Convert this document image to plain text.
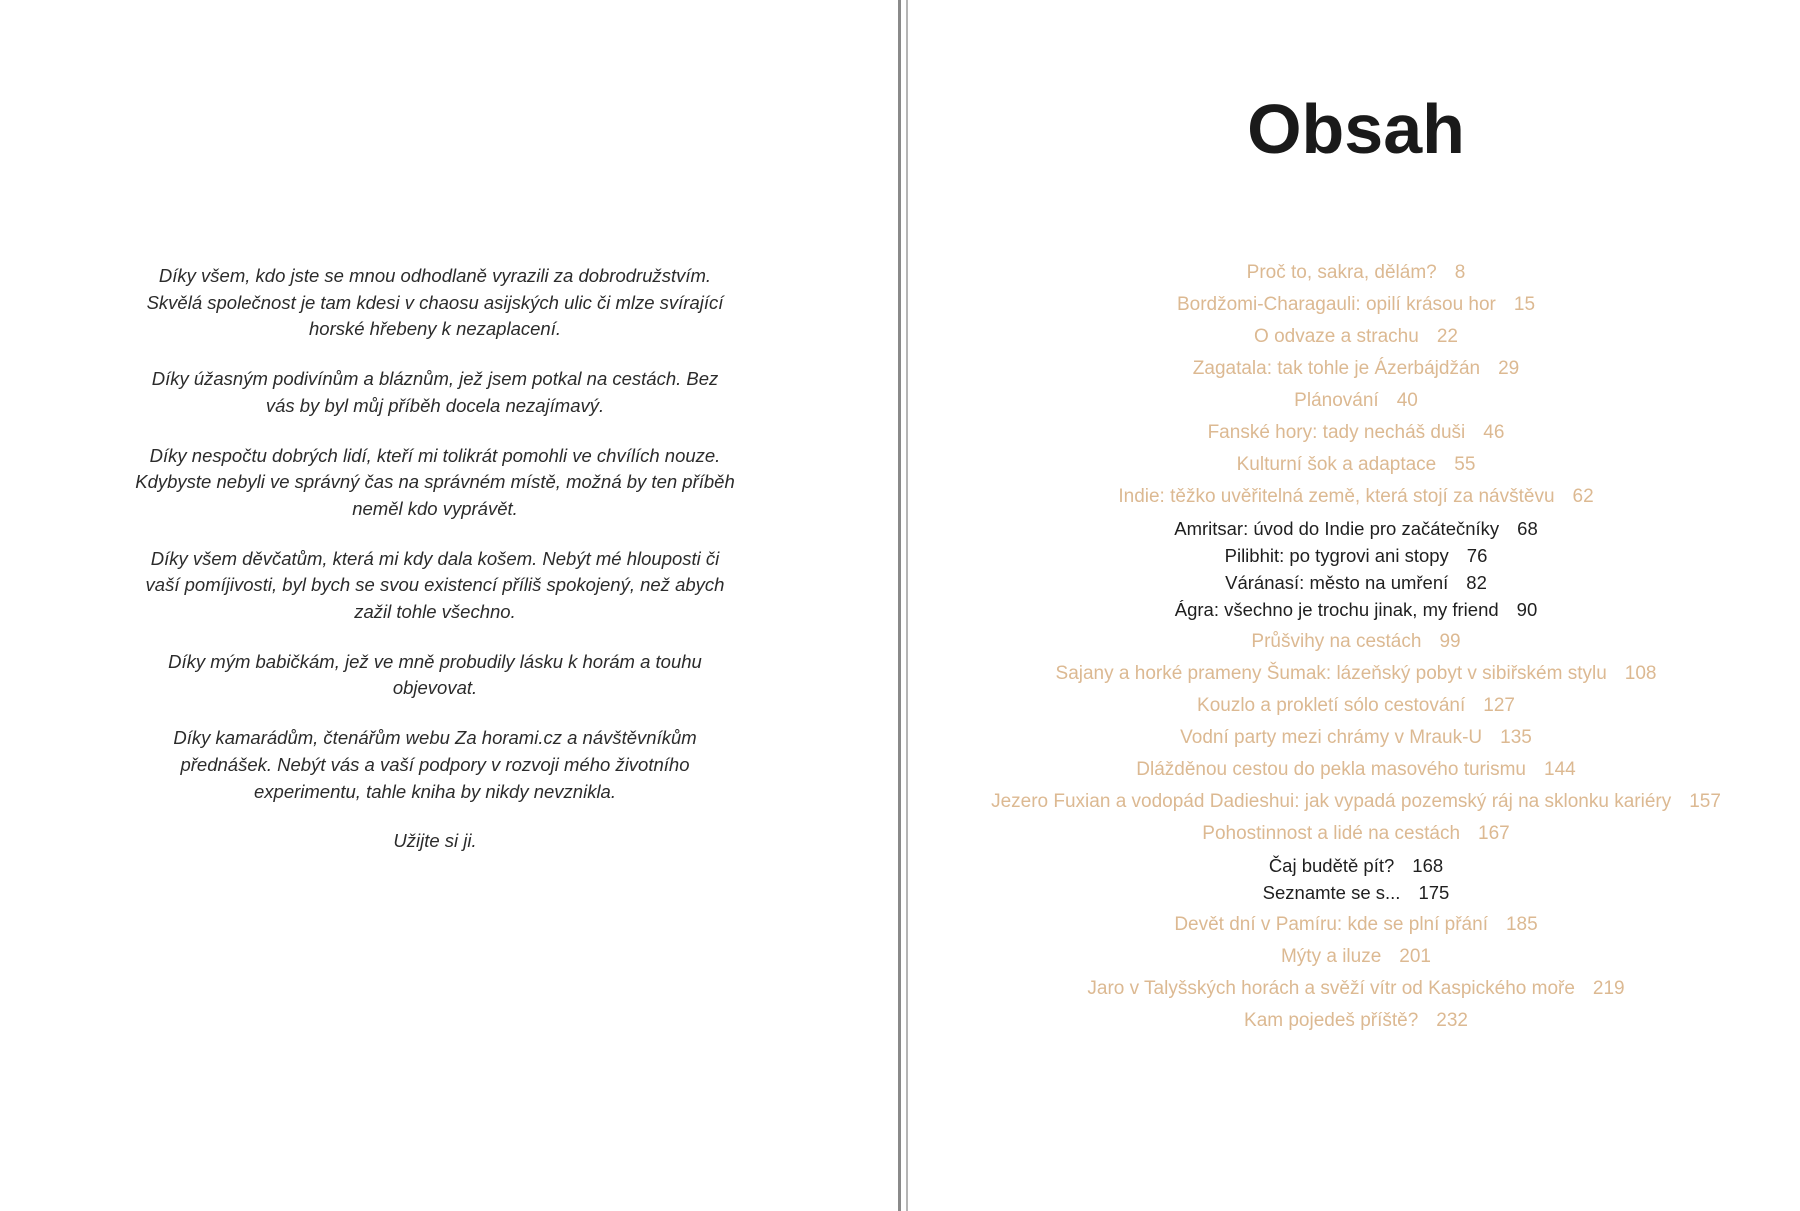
Díky všem, kdo jste se mnou odhodlaně vyrazili za dobrodružstvím. Skvělá společnost je tam kdesi v chaosu asijských ulic či mlze svírající horské hřebeny k nezaplacení.

Díky úžasným podivínům a bláznům, jež jsem potkal na cestách. Bez vás by byl můj příběh docela nezajímavý.

Díky nespočtu dobrých lidí, kteří mi tolikrát pomohli ve chvílích nouze. Kdybyste nebyli ve správný čas na správném místě, možná by ten příběh neměl kdo vyprávět.

Díky všem děvčatům, která mi kdy dala košem. Nebýt mé hlouposti či vaší pomíjivosti, byl bych se svou existencí příliš spokojený, než abych zažil tohle všechno.

Díky mým babičkám, jež ve mně probudily lásku k horám a touhu objevovat.

Díky kamarádům, čtenářům webu Za horami.cz a návštěvníkům přednášek. Nebýt vás a vaší podpory v rozvoji mého životního experimentu, tahle kniha by nikdy nevznikla.

Užijte si ji.

Obsah
Proč to, sakra, dělám? 8
Bordžomi-Charagauli: opilí krásou hor 15
O odvaze a strachu 22
Zagatala: tak tohle je Ázerbájdžán 29
Plánování 40
Fanské hory: tady necháš duši 46
Kulturní šok a adaptace 55
Indie: těžko uvěřitelná země, která stojí za návštěvu 62
Amritsar: úvod do Indie pro začátečníky 68
Pilibhit: po tygrovi ani stopy 76
Váránasí: město na umření 82
Ágra: všechno je trochu jinak, my friend 90
Průšvihy na cestách 99
Sajany a horké prameny Šumak: lázeňský pobyt v sibiřském stylu 108
Kouzlo a prokletí sólo cestování 127
Vodní party mezi chrámy v Mrauk-U 135
Dlážděnou cestou do pekla masového turismu 144
Jezero Fuxian a vodopád Dadieshui: jak vypadá pozemský ráj na sklonku kariéry 157
Pohostinnost a lidé na cestách 167
Čaj budětě pít? 168
Seznamte se s... 175
Devět dní v Pamíru: kde se plní přání 185
Mýty a iluze 201
Jaro v Talyšských horách a svěží vítr od Kaspického moře 219
Kam pojedeš příště? 232
